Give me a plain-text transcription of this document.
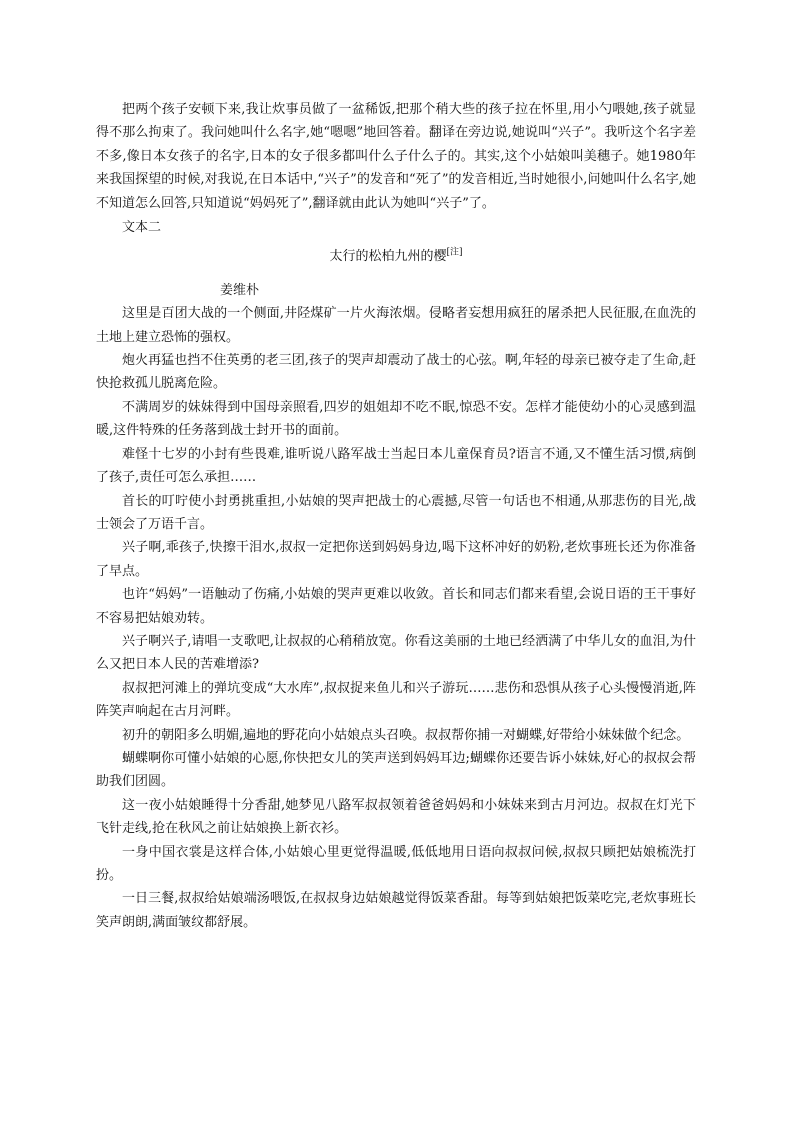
把两个孩子安顿下来,我让炊事员做了一盆稀饭,把那个稍大些的孩子拉在怀里,用小勺喂她,孩子就显得不那么拘束了。我问她叫什么名字,她“嗯嗯”地回答着。翻译在旁边说,她说叫“兴子”。我听这个名字差不多,像日本女孩子的名字,日本的女子很多都叫什么子什么子的。其实,这个小姑娘叫美穗子。她1980年来我国探望的时候,对我说,在日本话中,“兴子”的发音和“死了”的发音相近,当时她很小,问她叫什么名字,她不知道怎么回答,只知道说“妈妈死了”,翻译就由此认为她叫“兴子”了。

文本二
太行的松柏九州的樱[注]
姜维朴

这里是百团大战的一个侧面,井陉煤矿一片火海浓烟。侵略者妄想用疯狂的屠杀把人民征服,在血洗的土地上建立恐怖的强权。

炮火再猛也挡不住英勇的老三团,孩子的哭声却震动了战士的心弦。啊,年轻的母亲已被夺走了生命,赶快抢救孤儿脱离危险。

不满周岁的妹妹得到中国母亲照看,四岁的姐姐却不吃不眠,惊恐不安。怎样才能使幼小的心灵感到温暖,这件特殊的任务落到战士封开书的面前。

难怪十七岁的小封有些畏难,谁听说八路军战士当起日本儿童保育员?语言不通,又不懂生活习惯,病倒了孩子,责任可怎么承担……

首长的叮咛使小封勇挑重担,小姑娘的哭声把战士的心震撼,尽管一句话也不相通,从那悲伤的目光,战士领会了万语千言。

兴子啊,乖孩子,快擦干泪水,叔叔一定把你送到妈妈身边,喝下这杯冲好的奶粉,老炊事班长还为你准备了早点。

也许“妈妈”一语触动了伤痛,小姑娘的哭声更难以收敛。首长和同志们都来看望,会说日语的王干事好不容易把姑娘劝转。

兴子啊兴子,请唱一支歌吧,让叔叔的心稍稍放宽。你看这美丽的土地已经洒满了中华儿女的血泪,为什么又把日本人民的苦难增添?

叔叔把河滩上的弹坑变成“大水库”,叔叔捉来鱼儿和兴子游玩……悲伤和恐惧从孩子心头慢慢消逝,阵阵笑声响起在古月河畔。

初升的朝阳多么明媚,遍地的野花向小姑娘点头召唤。叔叔帮你捕一对蝴蝶,好带给小妹妹做个纪念。

蝴蝶啊你可懂小姑娘的心愿,你快把女儿的笑声送到妈妈耳边;蝴蝶你还要告诉小妹妹,好心的叔叔会帮助我们团圆。

这一夜小姑娘睡得十分香甜,她梦见八路军叔叔领着爸爸妈妈和小妹妹来到古月河边。叔叔在灯光下飞针走线,抢在秋风之前让姑娘换上新衣衫。

一身中国衣裳是这样合体,小姑娘心里更觉得温暖,低低地用日语向叔叔问候,叔叔只顾把姑娘梳洗打扮。

一日三餐,叔叔给姑娘端汤喂饭,在叔叔身边姑娘越觉得饭菜香甜。每等到姑娘把饭菜吃完,老炊事班长笑声朗朗,满面皱纹都舒展。
